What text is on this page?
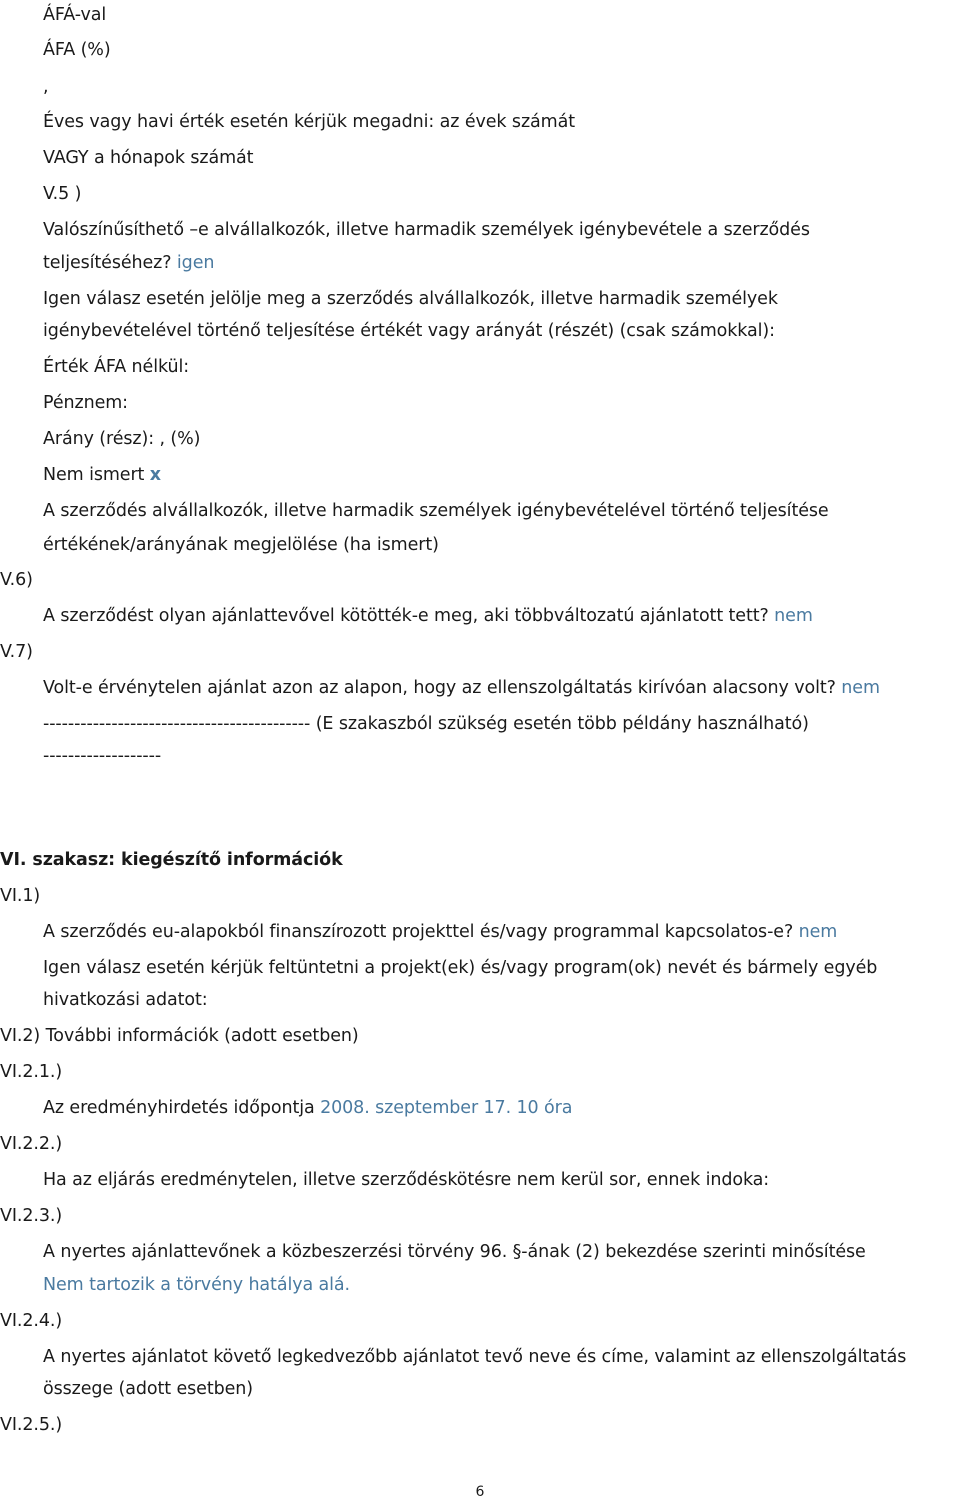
ÁFÁ-val
ÁFA (%)
,
Éves vagy havi érték esetén kérjük megadni: az évek számát
VAGY a hónapok számát
V.5 )
Valószínűsíthető –e alvállalkozók, illetve harmadik személyek igénybevétele a szerződés
teljesítéséhez? igen
Igen válasz esetén jelölje meg a szerződés alvállalkozók, illetve harmadik személyek
igénybevételével történő teljesítése értékét vagy arányát (részét) (csak számokkal):
Érték ÁFA nélkül:
Pénznem:
Arány (rész): , (%)
Nem ismert x
A szerződés alvállalkozók, illetve harmadik személyek igénybevételével történő teljesítése
értékének/arányának megjelölése (ha ismert)
V.6)
A szerződést olyan ajánlattevővel kötötték-e meg, aki többváltozatú ajánlatott tett? nem
V.7)
Volt-e érvénytelen ajánlat azon az alapon, hogy az ellenszolgáltatás kirívóan alacsony volt? nem
------------------------------------------- (E szakaszból szükség esetén több példány használható)
-------------------
VI. szakasz: kiegészítő információk
VI.1)
A szerződés eu-alapokból finanszírozott projekttel és/vagy programmal kapcsolatos-e? nem
Igen válasz esetén kérjük feltüntetni a projekt(ek) és/vagy program(ok) nevét és bármely egyéb
hivatkozási adatot:
VI.2) További információk (adott esetben)
VI.2.1.)
Az eredményhirdetés időpontja 2008. szeptember 17. 10 óra
VI.2.2.)
Ha az eljárás eredménytelen, illetve szerződéskötésre nem kerül sor, ennek indoka:
VI.2.3.)
A nyertes ajánlattevőnek a közbeszerzési törvény 96. §-ának (2) bekezdése szerinti minősítése
Nem tartozik a törvény hatálya alá.
VI.2.4.)
A nyertes ajánlatot követő legkedvezőbb ajánlatot tevő neve és címe, valamint az ellenszolgáltatás
összege (adott esetben)
VI.2.5.)
6
